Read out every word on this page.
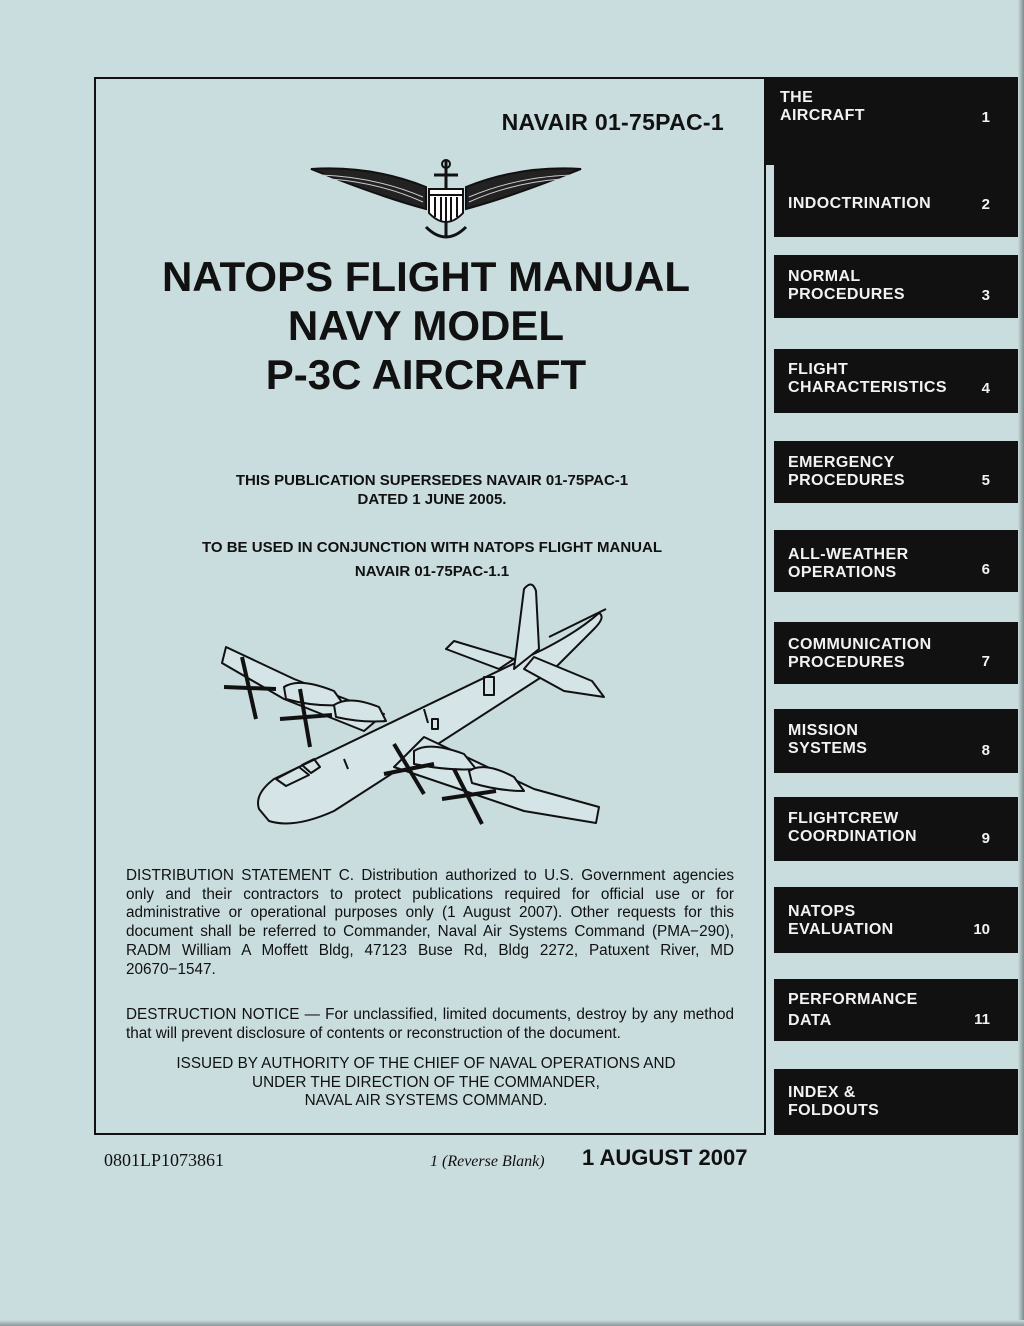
NAVAIR 01-75PAC-1
NATOPS FLIGHT MANUAL
NAVY MODEL
P-3C AIRCRAFT
THIS PUBLICATION SUPERSEDES NAVAIR 01-75PAC-1
DATED 1 JUNE 2005.
TO BE USED IN CONJUNCTION WITH NATOPS FLIGHT MANUAL
NAVAIR 01-75PAC-1.1
DISTRIBUTION STATEMENT C. Distribution authorized to U.S. Government agencies only and their contractors to protect publications required for official use or for administrative or operational purposes only (1 August 2007). Other requests for this document shall be referred to Commander, Naval Air Systems Command (PMA−290), RADM William A Moffett Bldg, 47123 Buse Rd, Bldg 2272, Patuxent River, MD 20670−1547.
DESTRUCTION NOTICE — For unclassified, limited documents, destroy by any method that will prevent disclosure of contents or reconstruction of the document.
ISSUED BY AUTHORITY OF THE CHIEF OF NAVAL OPERATIONS AND
UNDER THE DIRECTION OF THE COMMANDER,
NAVAL AIR SYSTEMS COMMAND.
0801LP1073861	1 (Reverse Blank) 1 AUGUST 2007
THE
AIRCRAFT	1
INDOCTRINATION	2
NORMAL
PROCEDURES	3
FLIGHT
CHARACTERISTICS 4
EMERGENCY
PROCEDURES	5
ALL-WEATHER
OPERATIONS	6
COMMUNICATION
PROCEDURES	7
MISSION
SYSTEMS	8
FLIGHTCREW
COORDINATION	9
NATOPS
EVALUATION	10
PERFORMANCE
DATA	11
INDEX &
FOLDOUTS
